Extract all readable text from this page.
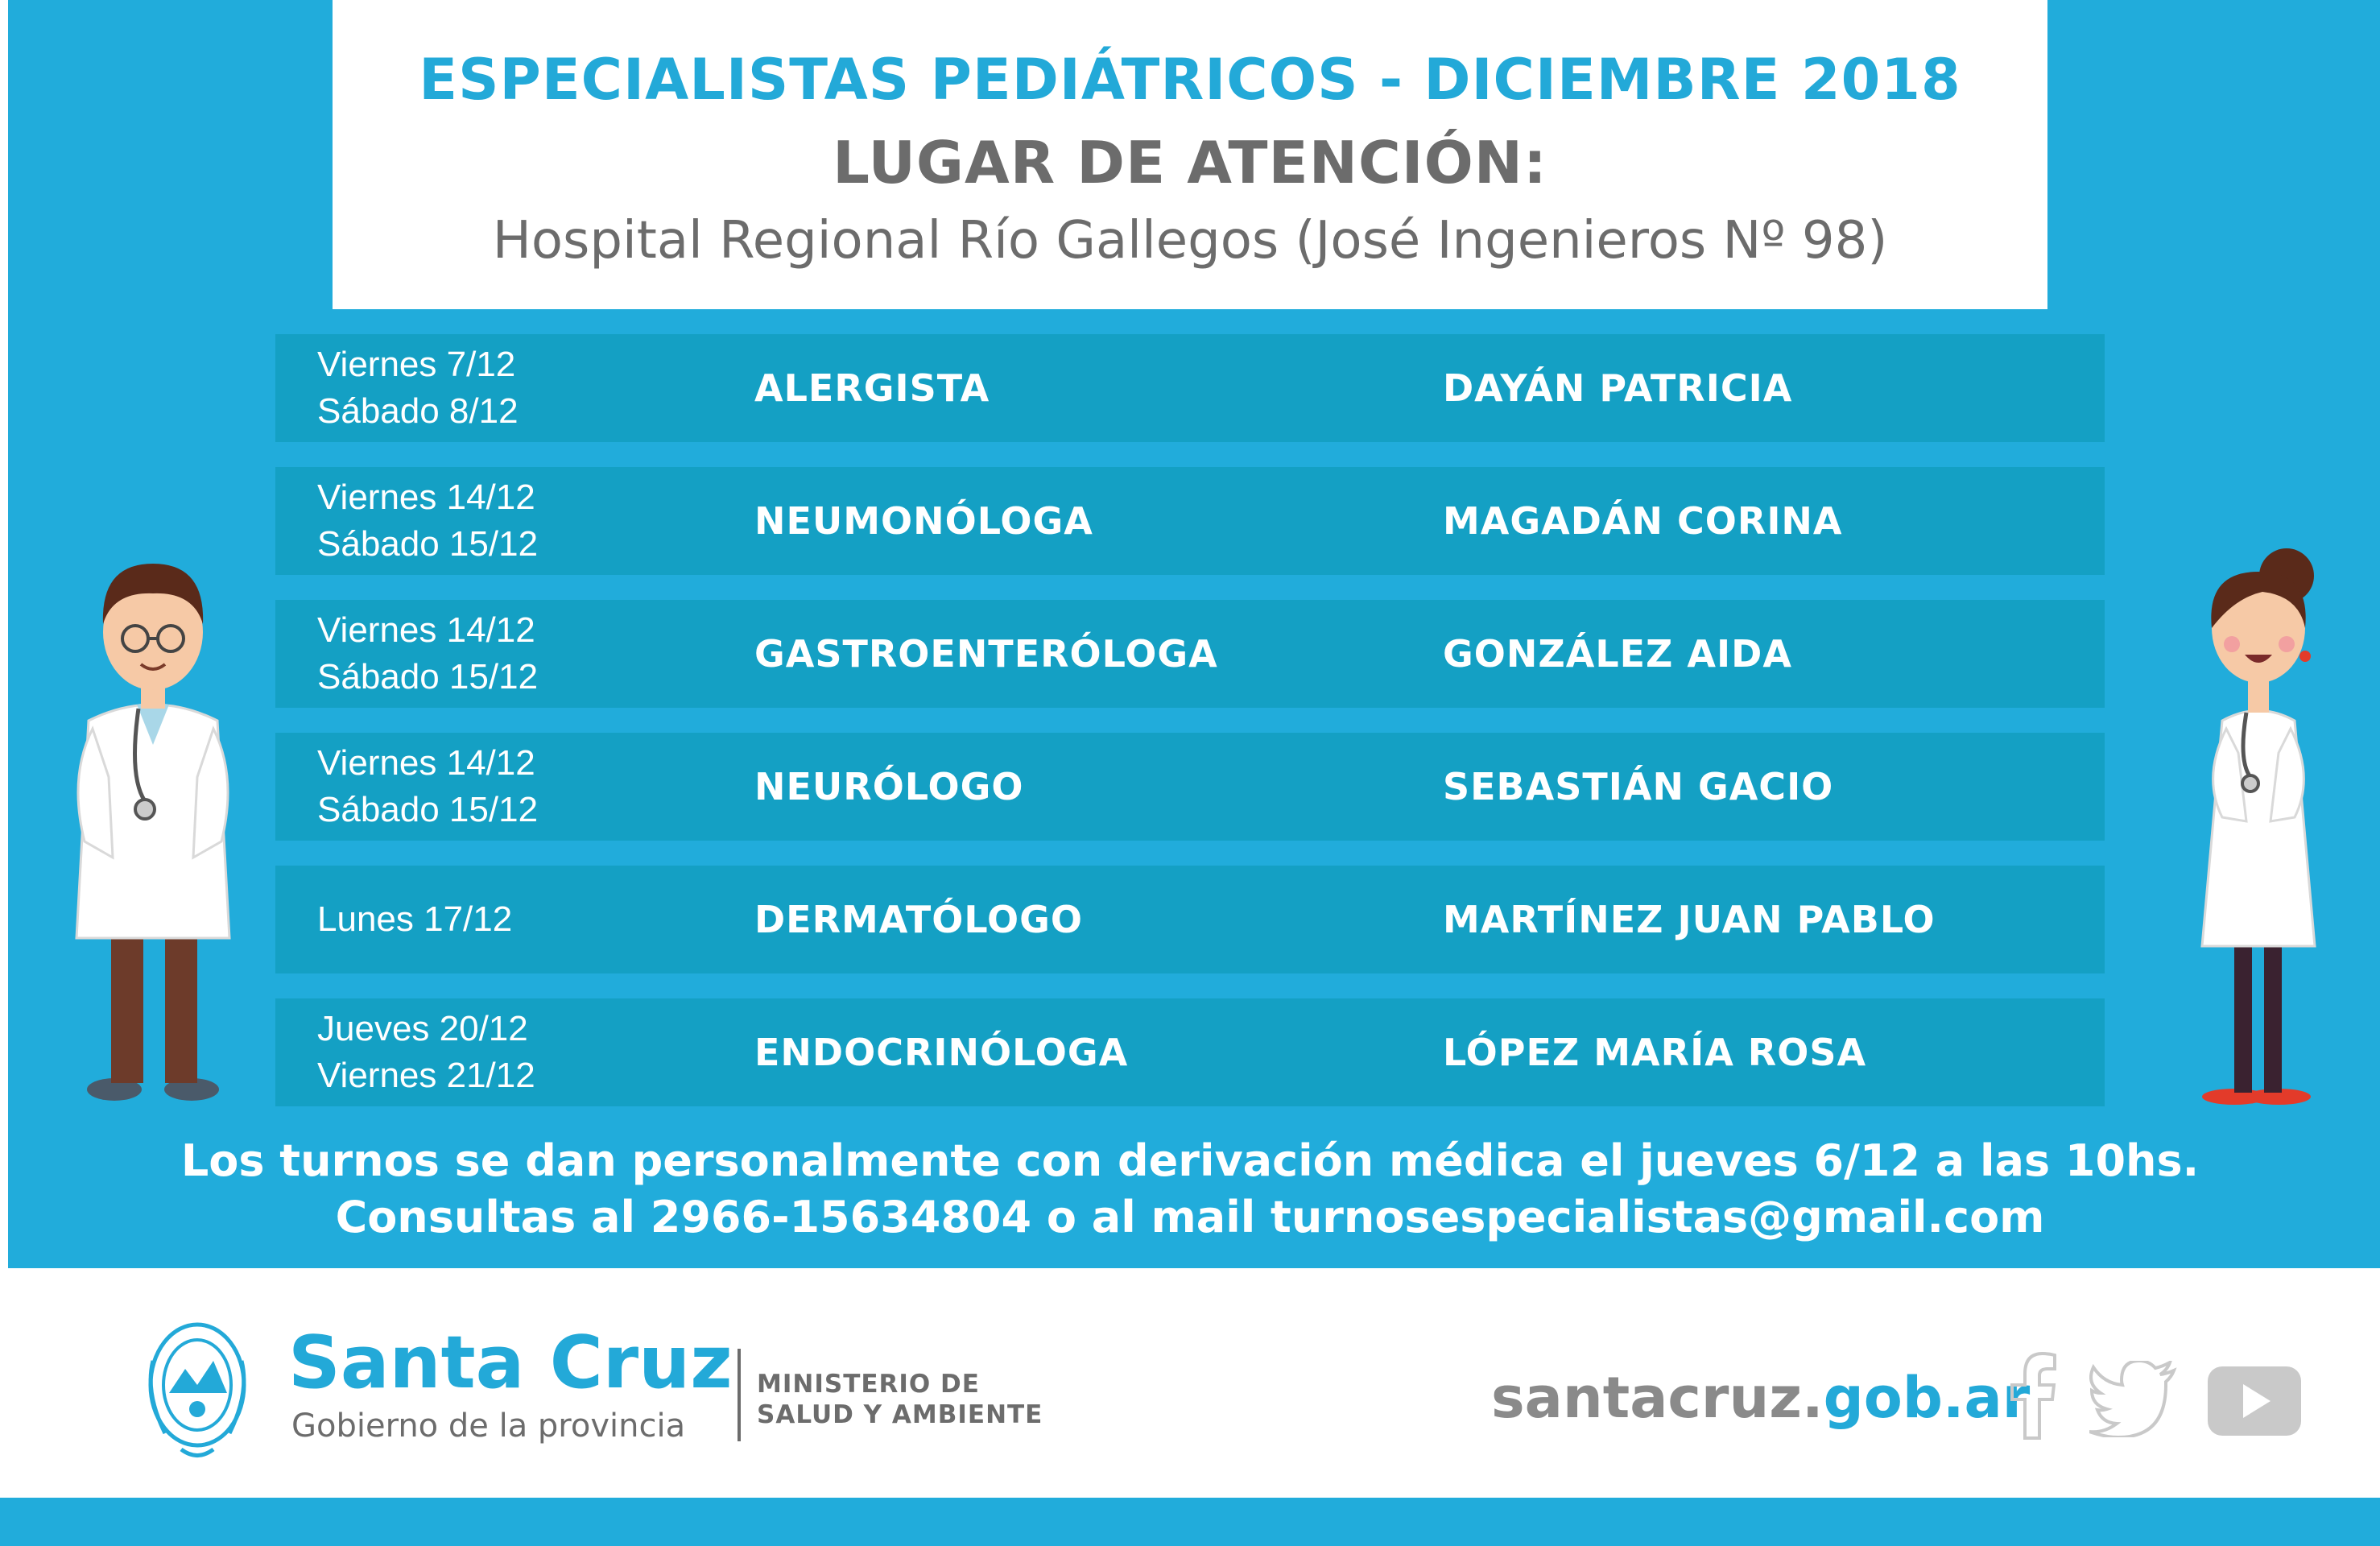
ESPECIALISTAS PEDIÁTRICOS - DICIEMBRE 2018
LUGAR DE ATENCIÓN:
Hospital Regional Río Gallegos (José Ingenieros Nº 98)
Viernes 7/12
Sábado 8/12
ALERGISTA	DAYÁN PATRICIA
Viernes 14/12
Sábado 15/12
NEUMONÓLOGA	MAGADÁN CORINA
Viernes 14/12
Sábado 15/12
GASTROENTERÓLOGA	GONZÁLEZ AIDA
Viernes 14/12
Sábado 15/12
NEURÓLOGO	SEBASTIÁN GACIO
Lunes 17/12	DERMATÓLOGO	MARTÍNEZ JUAN PABLO
Jueves 20/12
Viernes 21/12
ENDOCRINÓLOGA	LÓPEZ MARÍA ROSA
Los turnos se dan personalmente con derivación médica el jueves 6/12 a las 10hs.
Consultas al 2966-15634804 o al mail turnosespecialistas@gmail.com
Santa Cruz
Gobierno de la provincia
MINISTERIO DE
SALUD Y AMBIENTE	santacruz.gob.ar
